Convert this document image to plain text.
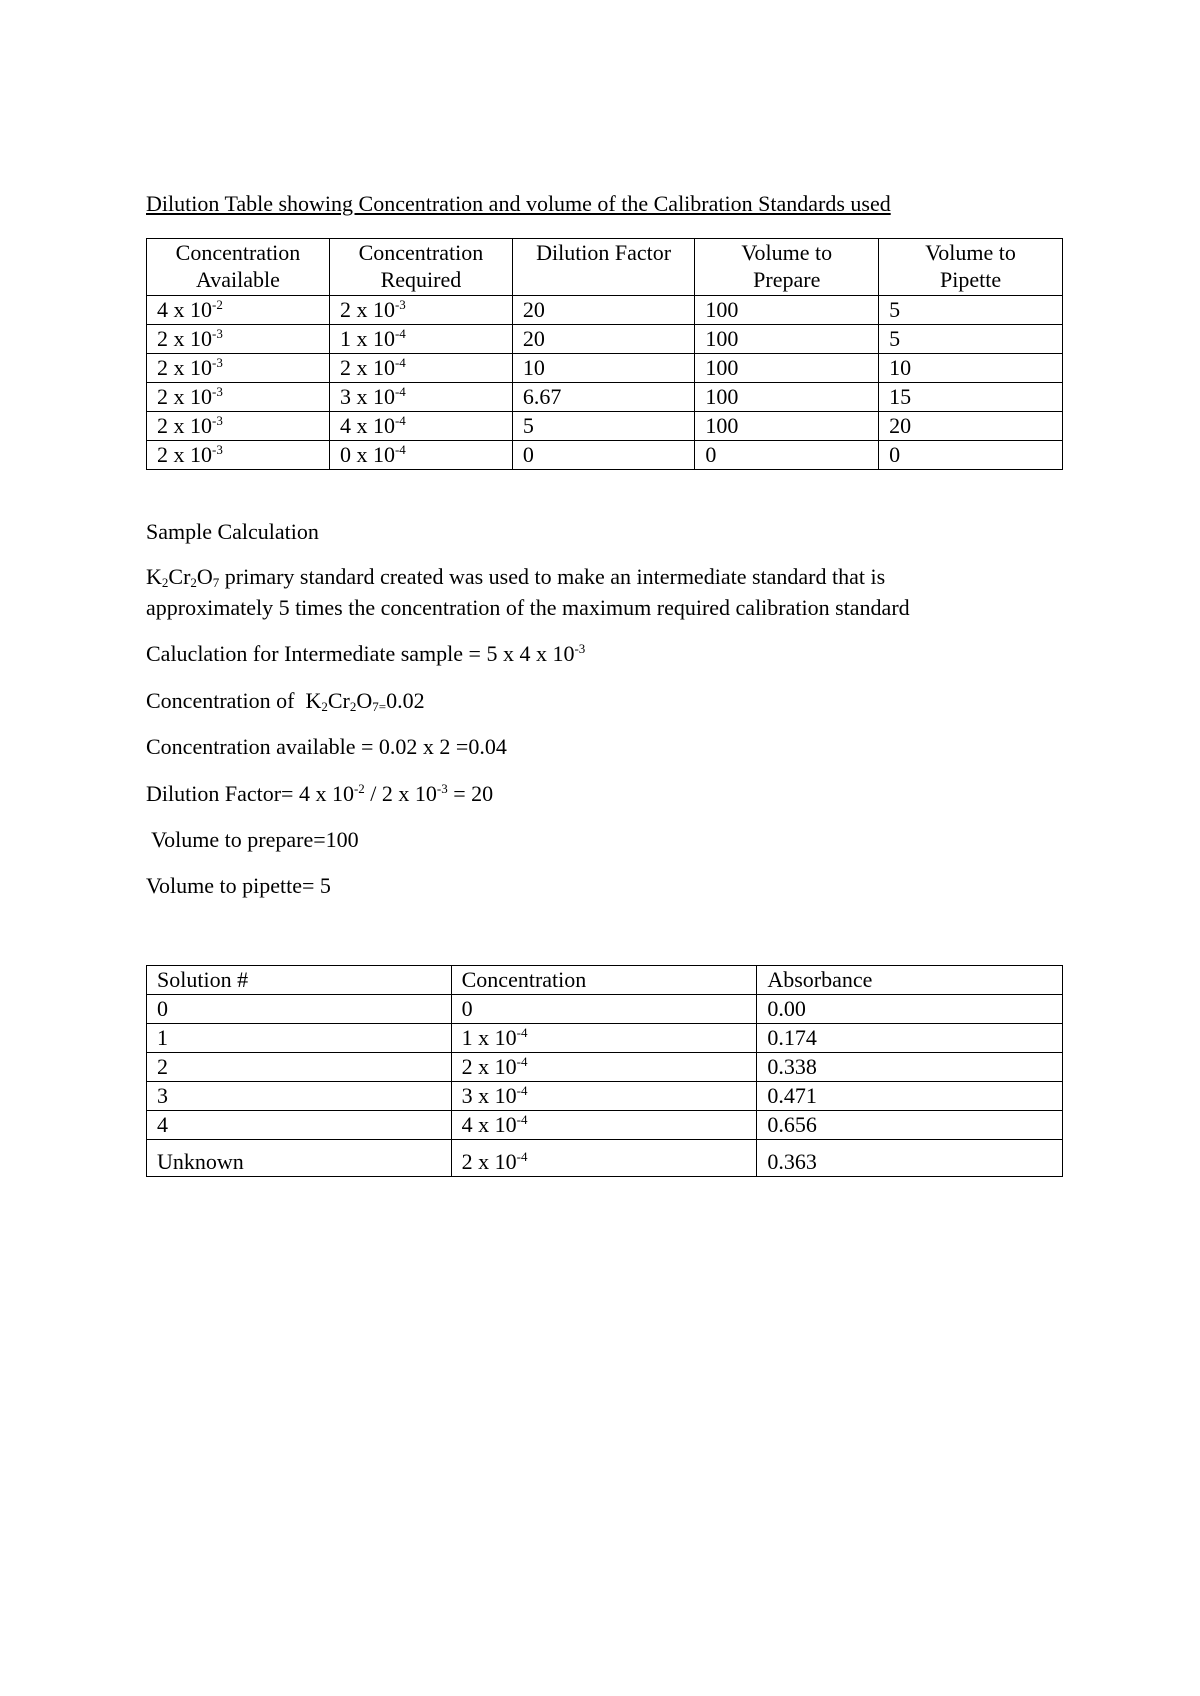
Dilution Table showing Concentration and volume of the Calibration Standards used
Concentration Available	Concentration Required	Dilution Factor	Volume to Prepare	Volume to Pipette
4 x $10^{-2}$	2 x $10^{-3}$	20	100	5
2 x $10^{-3}$	1 x $10^{-4}$	20	100	5
2 x $10^{-3}$	2 x $10^{-4}$	10	100	10
2 x $10^{-3}$	3 x $10^{-4}$	6.67	100	15
2 x $10^{-3}$	4 x $10^{-4}$	5	100	20
2 x $10^{-3}$	0 x $10^{-4}$	0	0	0
Sample Calculation
$K_2Cr_2O_7$ primary standard created was used to make an intermediate standard that is
approximately 5 times the concentration of the maximum required calibration standard
Caluclation for Intermediate sample = 5 x 4 x $10^{-3}$
Concentration of  $K_2Cr_2O_{7=}0.02$
Concentration available = 0.02 x 2 =0.04
Dilution Factor= 4 x $10^{-2} / 2$ x $10^{-3} = 20$
Volume to prepare=100
Volume to pipette= 5
Solution #	Concentration	Absorbance
0	0	0.00
1	1 x $10^{-4}$	0.174
2	2 x $10^{-4}$	0.338
3	3 x $10^{-4}$	0.471
4	4 x $10^{-4}$	0.656
Unknown	2 x $10^{-4}$	0.363
